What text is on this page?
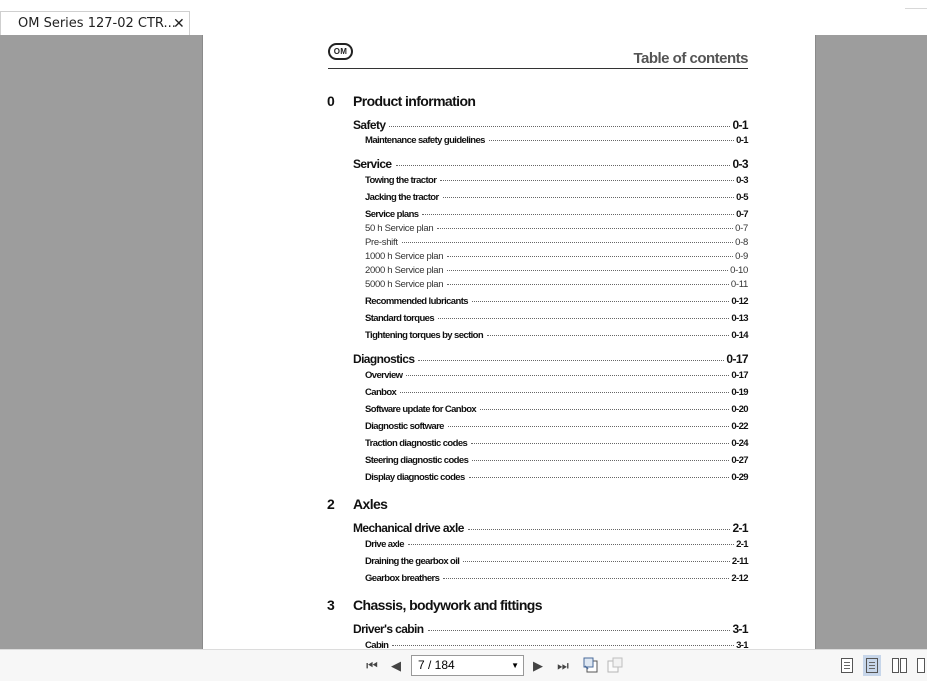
OM Series 127-02 CTR...
✕
OM	Table of contents
0 Product information
Safety	0-1
Maintenance safety guidelines	0-1
Service	0-3
Towing the tractor	0-3
Jacking the tractor	0-5
Service plans	0-7
50 h Service plan	0-7
Pre-shift	0-8
1000 h Service plan	0-9
2000 h Service plan	0-10
5000 h Service plan	0-11
Recommended lubricants	0-12
Standard torques	0-13
Tightening torques by section	0-14
Diagnostics	0-17
Overview	0-17
Canbox	0-19
Software update for Canbox	0-20
Diagnostic software	0-22
Traction diagnostic codes	0-24
Steering diagnostic codes	0-27
Display diagnostic codes	0-29
2 Axles
Mechanical drive axle	2-1
Drive axle	2-1
Draining the gearbox oil	2-11
Gearbox breathers	2-12
3 Chassis, bodywork and fittings
Driver's cabin	3-1
Cabin	3-1
⏮	◀	7 / 184	▼	▶	⏭
